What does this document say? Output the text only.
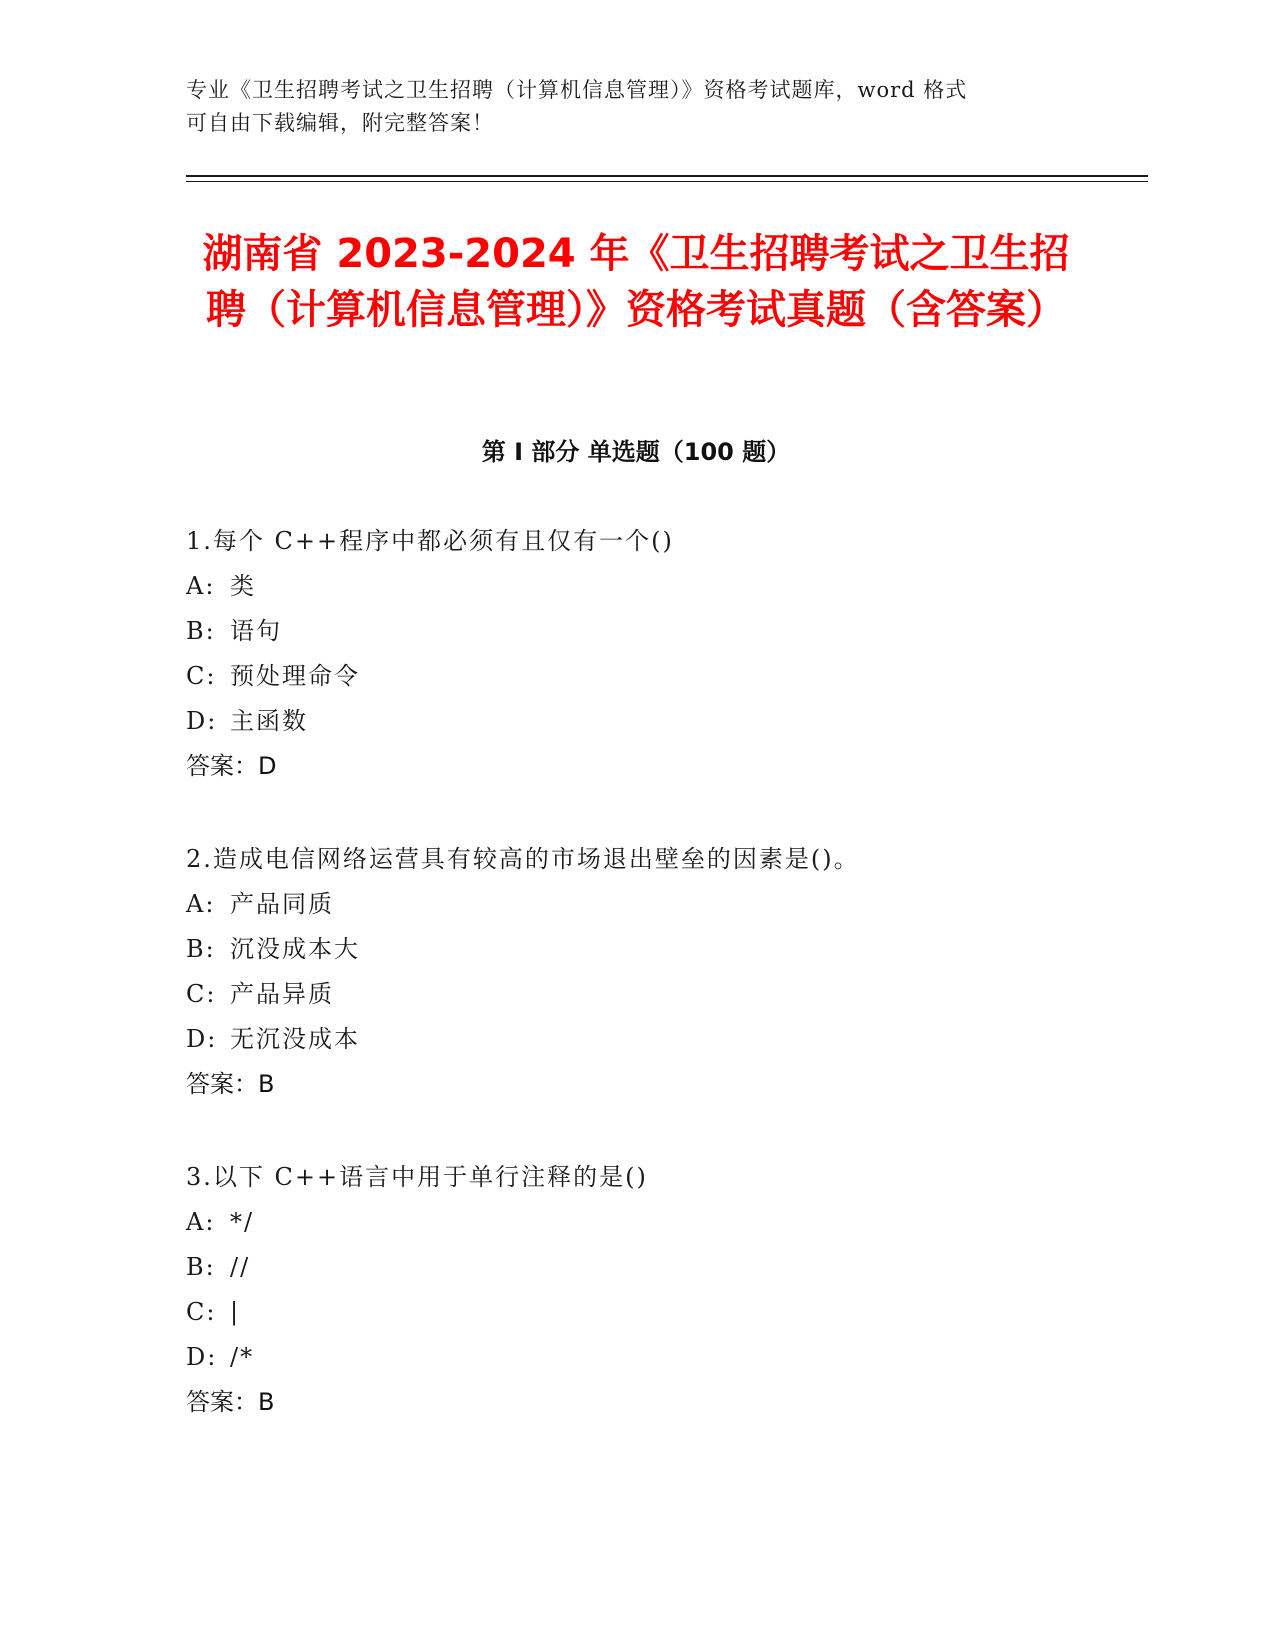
专业《卫生招聘考试之卫生招聘（计算机信息管理）》资格考试题库，word 格式
可自由下载编辑，附完整答案！
湖南省 2023-2024 年《卫生招聘考试之卫生招聘（计算机信息管理）》资格考试真题（含答案）
第 I 部分 单选题（100 题）
1.每个 C++程序中都必须有且仅有一个()
A: 类
B: 语句
C: 预处理命令
D: 主函数
答案：D
2.造成电信网络运营具有较高的市场退出壁垒的因素是()。
A: 产品同质
B: 沉没成本大
C: 产品异质
D: 无沉没成本
答案：B
3.以下 C++语言中用于单行注释的是()
A: */
B: //
C: |
D: /*
答案：B
